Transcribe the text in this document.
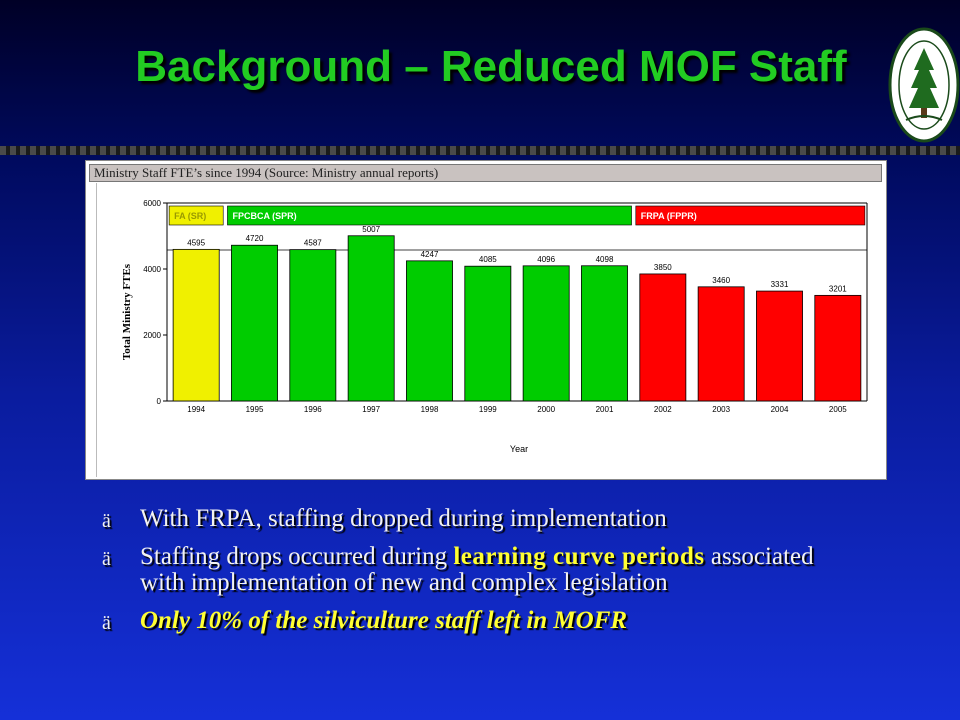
Background – Reduced MOF Staff
Ministry Staff FTE’s since 1994 (Source: Ministry annual reports)
0
2000
4000
6000
4595
1994
4720
1995
4587
1996
5007
1997
4247
1998
4085
1999
4096
2000
4098
2001
3850
2002
3460
2003
3331
2004
3201
2005
FA (SR)	FPCBCA (SPR)	FRPA (FPPR)
Year
Total Ministry FTEs
ä With FRPA, staffing dropped during implementation
ä Staffing drops occurred during learning curve periods associated with implementation of new and complex legislation
ä Only 10% of the silviculture staff left in MOFR
